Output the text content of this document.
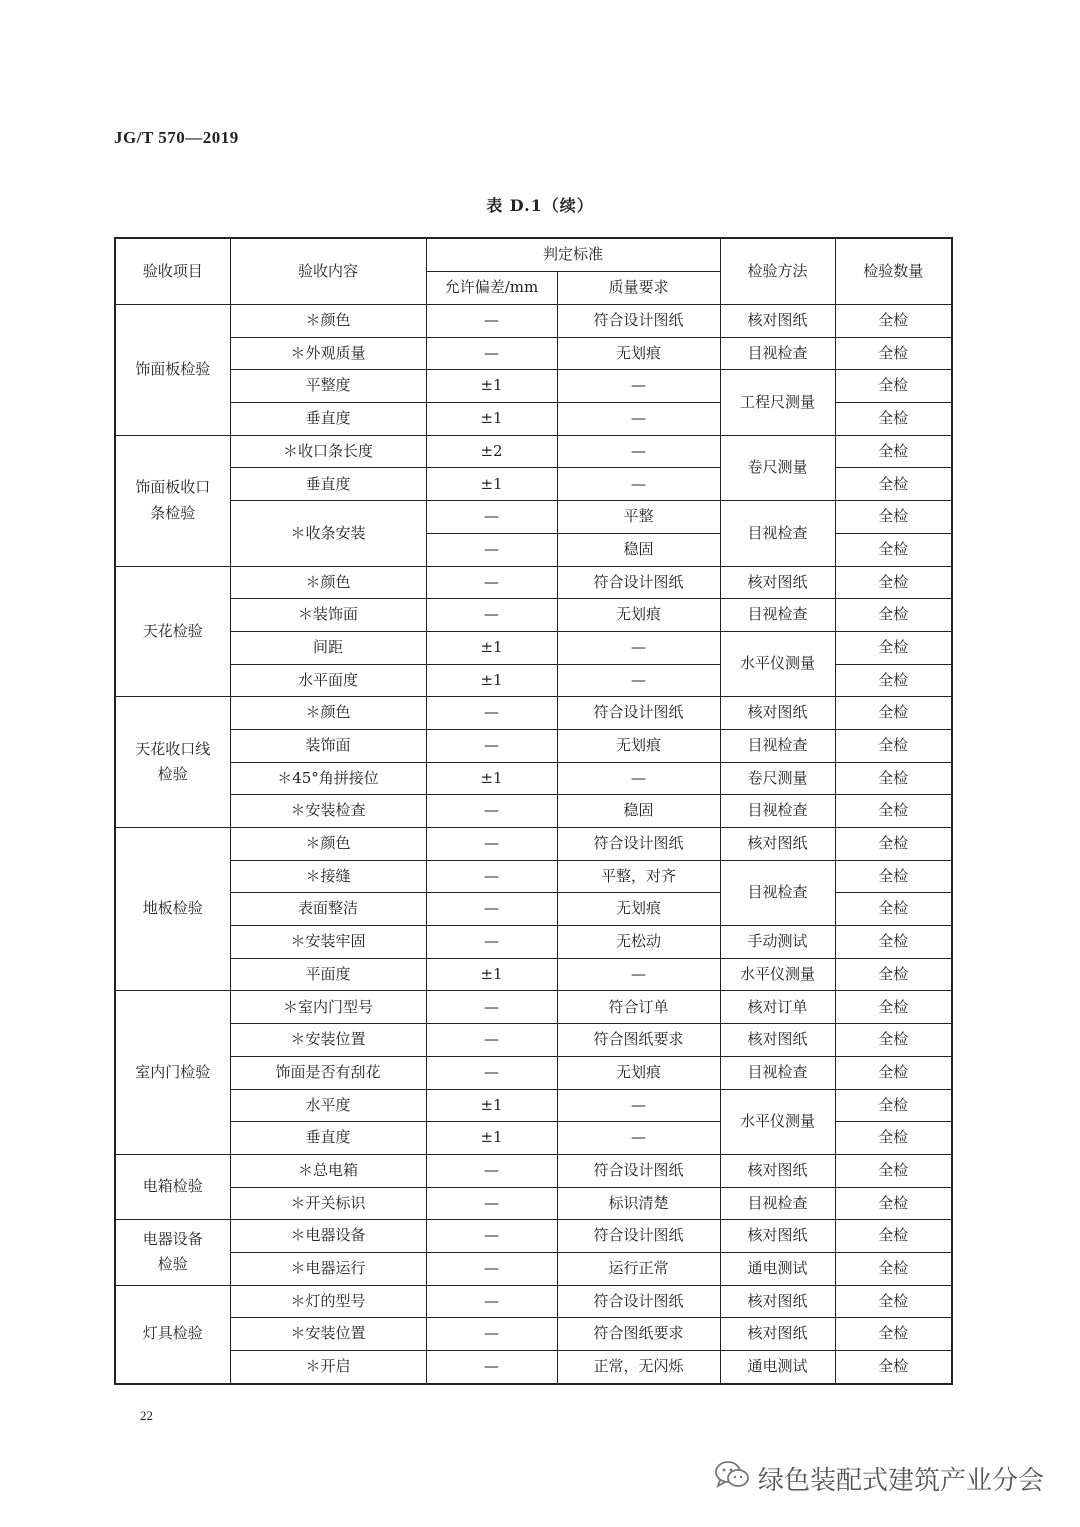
JG/T 570—2019
表 D.1（续）
验收项目	验收内容	判定标准		检验方法	检验数量
		允许偏差/mm	质量要求		
饰面板检验	＊颜色	—	符合设计图纸	核对图纸	全检
	＊外观质量	—	无划痕	目视检查	全检
	平整度	±1	—	工程尺测量	全检
	垂直度	±1	—		全检
饰面板收口
条检验	＊收口条长度	±2	—	卷尺测量	全检
	垂直度	±1	—		全检
	＊收条安装	—	平整	目视检查	全检
		—	稳固		全检
天花检验	＊颜色	—	符合设计图纸	核对图纸	全检
	＊装饰面	—	无划痕	目视检查	全检
	间距	±1	—	水平仪测量	全检
	水平面度	±1	—		全检
天花收口线
检验	＊颜色	—	符合设计图纸	核对图纸	全检
	装饰面	—	无划痕	目视检查	全检
	＊45°角拼接位	±1	—	卷尺测量	全检
	＊安装检查	—	稳固	目视检查	全检
地板检验	＊颜色	—	符合设计图纸	核对图纸	全检
	＊接缝	—	平整，对齐	目视检查	全检
	表面整洁	—	无划痕		全检
	＊安装牢固	—	无松动	手动测试	全检
	平面度	±1	—	水平仪测量	全检
室内门检验	＊室内门型号	—	符合订单	核对订单	全检
	＊安装位置	—	符合图纸要求	核对图纸	全检
	饰面是否有刮花	—	无划痕	目视检查	全检
	水平度	±1	—	水平仪测量	全检
	垂直度	±1	—		全检
电箱检验	＊总电箱	—	符合设计图纸	核对图纸	全检
	＊开关标识	—	标识清楚	目视检查	全检
电器设备
检验	＊电器设备	—	符合设计图纸	核对图纸	全检
	＊电器运行	—	运行正常	通电测试	全检
灯具检验	＊灯的型号	—	符合设计图纸	核对图纸	全检
	＊安装位置	—	符合图纸要求	核对图纸	全检
	＊开启	—	正常，无闪烁	通电测试	全检
22
绿色装配式建筑产业分会
